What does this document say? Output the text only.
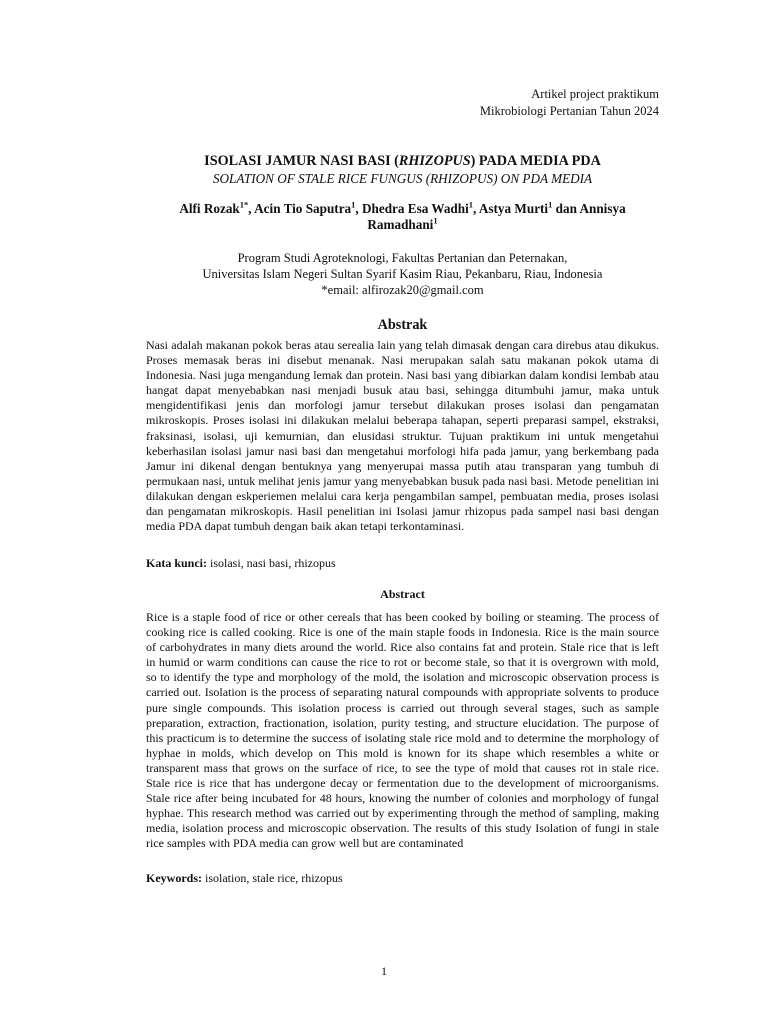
Artikel project praktikum
Mikrobiologi Pertanian Tahun 2024
ISOLASI JAMUR NASI BASI (RHIZOPUS) PADA MEDIA PDA
SOLATION OF STALE RICE FUNGUS (RHIZOPUS) ON PDA MEDIA
Alfi Rozak$^{1*}$, Acin Tio Saputra$^1$, Dhedra Esa Wadhi$^1$, Astya Murti$^1$ dan Annisya
Ramadhani$^1$
Program Studi Agroteknologi, Fakultas Pertanian dan Peternakan,
Universitas Islam Negeri Sultan Syarif Kasim Riau, Pekanbaru, Riau, Indonesia
*email: alfirozak20@gmail.com
Abstrak
Nasi adalah makanan pokok beras atau serealia lain yang telah dimasak dengan cara direbus atau dikukus. Proses memasak beras ini disebut menanak. Nasi merupakan salah satu makanan pokok utama di Indonesia. Nasi juga mengandung lemak dan protein. Nasi basi yang dibiarkan dalam kondisi lembab atau hangat dapat menyebabkan nasi menjadi busuk atau basi, sehingga ditumbuhi jamur, maka untuk mengidentifikasi jenis dan morfologi jamur tersebut dilakukan proses isolasi dan pengamatan mikroskopis. Proses isolasi ini dilakukan melalui beberapa tahapan, seperti preparasi sampel, ekstraksi, fraksinasi, isolasi, uji kemurnian, dan elusidasi struktur. Tujuan praktikum ini untuk mengetahui keberhasilan isolasi jamur nasi basi dan mengetahui morfologi hifa pada jamur, yang berkembang pada Jamur ini dikenal dengan bentuknya yang menyerupai massa putih atau transparan yang tumbuh di permukaan nasi, untuk melihat jenis jamur yang menyebabkan busuk pada nasi basi. Metode penelitian ini dilakukan dengan eskperiemen melalui cara kerja pengambilan sampel, pembuatan media, proses isolasi dan pengamatan mikroskopis. Hasil penelitian ini Isolasi jamur rhizopus pada sampel nasi basi dengan media PDA dapat tumbuh dengan baik akan tetapi terkontaminasi.
Kata kunci: isolasi, nasi basi, rhizopus
Abstract
Rice is a staple food of rice or other cereals that has been cooked by boiling or steaming. The process of cooking rice is called cooking. Rice is one of the main staple foods in Indonesia. Rice is the main source of carbohydrates in many diets around the world. Rice also contains fat and protein. Stale rice that is left in humid or warm conditions can cause the rice to rot or become stale, so that it is overgrown with mold, so to identify the type and morphology of the mold, the isolation and microscopic observation process is carried out. Isolation is the process of separating natural compounds with appropriate solvents to produce pure single compounds. This isolation process is carried out through several stages, such as sample preparation, extraction, fractionation, isolation, purity testing, and structure elucidation. The purpose of this practicum is to determine the success of isolating stale rice mold and to determine the morphology of hyphae in molds, which develop on This mold is known for its shape which resembles a white or transparent mass that grows on the surface of rice, to see the type of mold that causes rot in stale rice. Stale rice is rice that has undergone decay or fermentation due to the development of microorganisms. Stale rice after being incubated for 48 hours, knowing the number of colonies and morphology of fungal hyphae. This research method was carried out by experimenting through the method of sampling, making media, isolation process and microscopic observation. The results of this study Isolation of fungi in stale rice samples with PDA media can grow well but are contaminated
Keywords: isolation, stale rice, rhizopus
1
